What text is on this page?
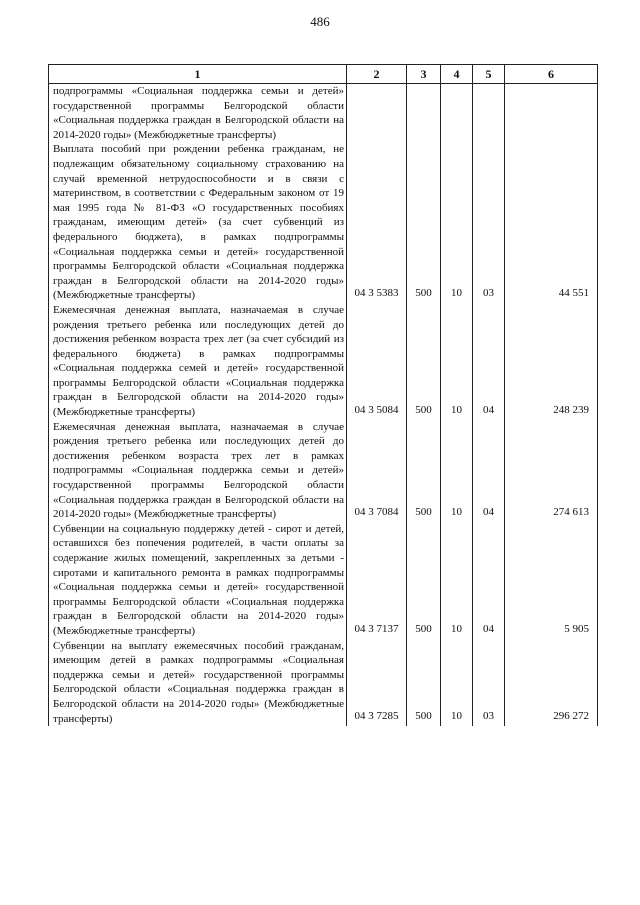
486
1	2	3	4	5	6
подпрограммы «Социальная поддержка семьи и детей» государственной программы Белгородской области «Социальная поддержка граждан в Белгородской области на 2014-2020 годы» (Межбюджетные трансферты)					
Выплата пособий при рождении ребенка гражданам, не подлежащим обязательному социальному страхованию на случай временной нетрудоспособности и в связи с материнством, в соответствии с Федеральным законом от 19 мая 1995 года № 81-ФЗ «О государственных пособиях гражданам, имеющим детей» (за счет субвенций из федерального бюджета), в рамках подпрограммы «Социальная поддержка семьи и детей» государственной программы Белгородской области «Социальная поддержка граждан в Белгородской области на 2014-2020 годы» (Межбюджетные трансферты)	04 3 5383	500	10	03	44 551
Ежемесячная денежная выплата, назначаемая в случае рождения третьего ребенка или последующих детей до достижения ребенком возраста трех лет (за счет субсидий из федерального бюджета) в рамках подпрограммы «Социальная поддержка семей и детей» государственной программы Белгородской области «Социальная поддержка граждан в Белгородской области на 2014-2020 годы» (Межбюджетные трансферты)	04 3 5084	500	10	04	248 239
Ежемесячная денежная выплата, назначаемая в случае рождения третьего ребенка или последующих детей до достижения ребенком возраста трех лет в рамках подпрограммы «Социальная поддержка семьи и детей» государственной программы Белгородской области «Социальная поддержка граждан в Белгородской области на 2014-2020 годы» (Межбюджетные трансферты)	04 3 7084	500	10	04	274 613
Субвенции на социальную поддержку детей - сирот и детей, оставшихся без попечения родителей, в части оплаты за содержание жилых помещений, закрепленных за детьми - сиротами и капитального ремонта в рамках подпрограммы «Социальная поддержка семьи и детей» государственной программы Белгородской области «Социальная поддержка граждан в Белгородской области на 2014-2020 годы» (Межбюджетные трансферты)	04 3 7137	500	10	04	5 905
Субвенции на выплату ежемесячных пособий гражданам, имеющим детей в рамках подпрограммы «Социальная поддержка семьи и детей» государственной программы Белгородской области «Социальная поддержка граждан в Белгородской области на 2014-2020 годы» (Межбюджетные трансферты)	04 3 7285	500	10	03	296 272
